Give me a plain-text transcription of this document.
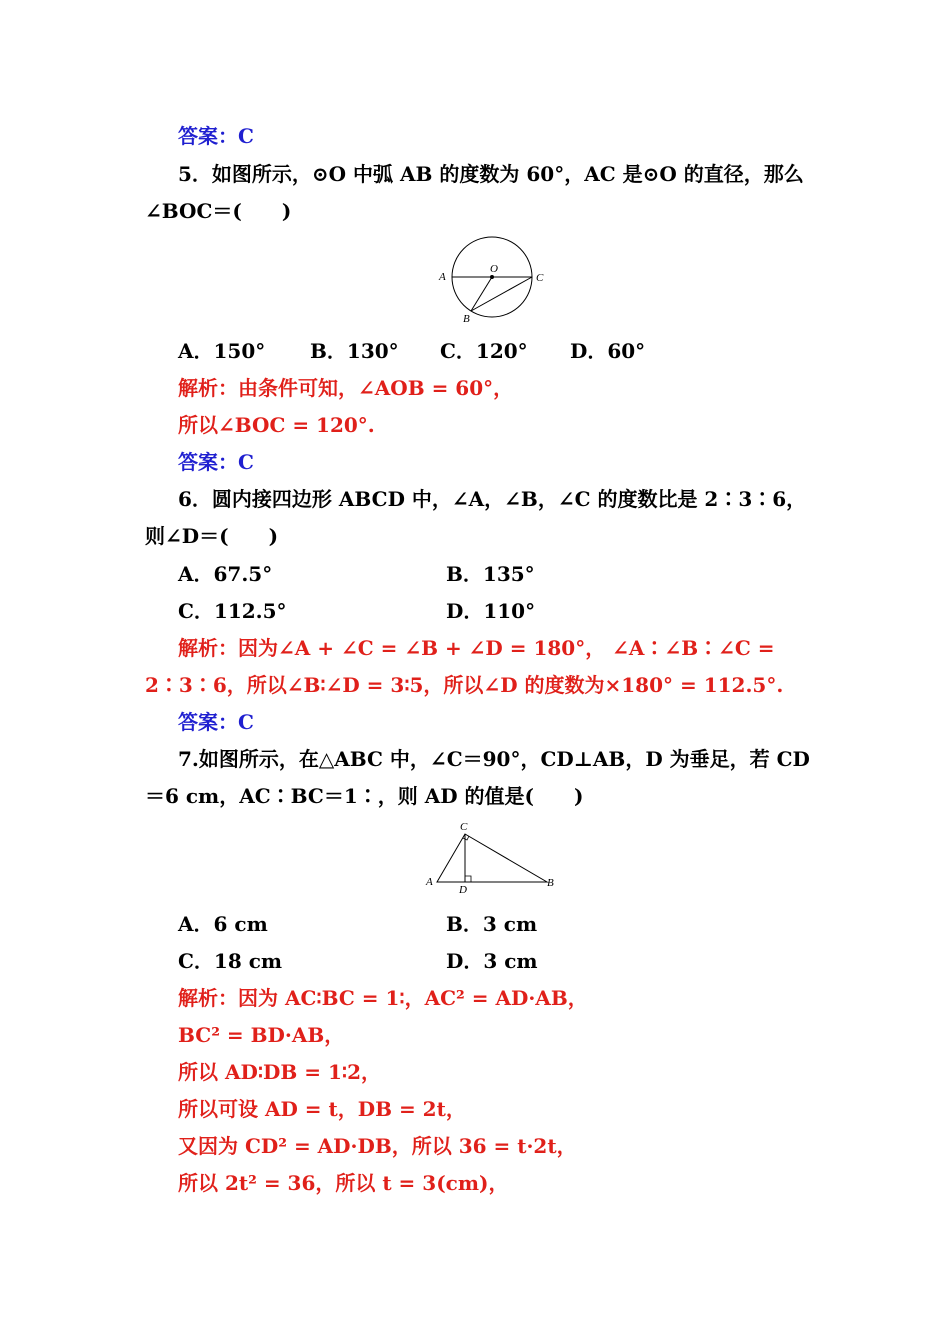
答案：C
5．如图所示，⊙O 中弧 AB 的度数为 60°，AC 是⊙O 的直径，那么
∠BOC＝(　　)
A
O
C
B
A．150° B．130° C．120° D．60°
解析：由条件可知，∠AOB = 60°，
所以∠BOC = 120°.
答案：C
6．圆内接四边形 ABCD 中，∠A，∠B，∠C 的度数比是 2∶3∶6，
则∠D＝(　　)
A．67.5°	B．135°
C．112.5°	D．110°
解析：因为∠A + ∠C = ∠B + ∠D = 180°， ∠A∶∠B∶∠C =
2∶3∶6，所以∠B∶∠D = 3∶5，所以∠D 的度数为×180° = 112.5°.
答案：C
7.如图所示，在△ABC 中，∠C＝90°，CD⊥AB，D 为垂足，若 CD
＝6 cm，AC∶BC＝1∶，则 AD 的值是(　　)
C
A
D
B
A．6 cm	B．3 cm
C．18 cm	D．3 cm
解析：因为 AC∶BC = 1∶，AC² = AD·AB，
BC² = BD·AB，
所以 AD∶DB = 1∶2，
所以可设 AD = t，DB = 2t，
又因为 CD² = AD·DB，所以 36 = t·2t，
所以 2t² = 36，所以 t = 3(cm)，
